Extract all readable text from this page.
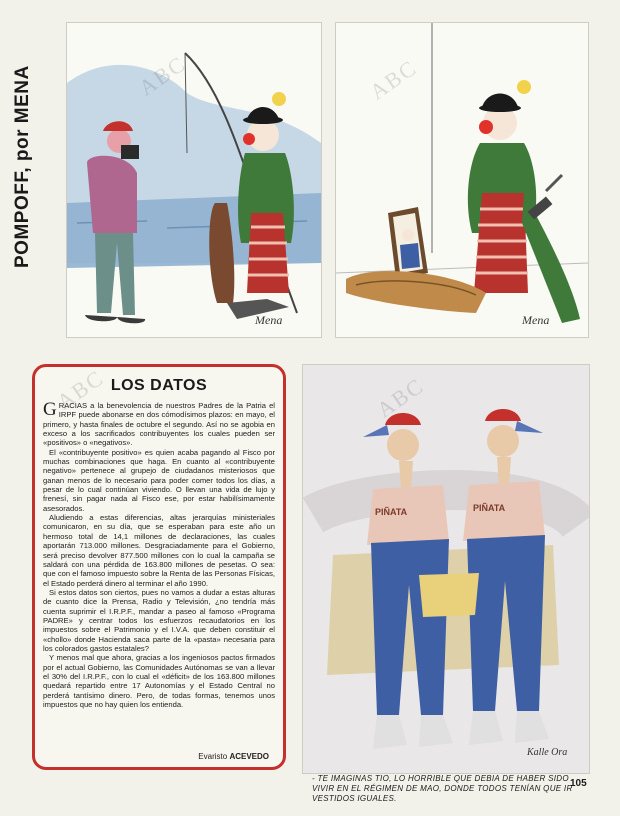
Mena	Mena
POMPOFF, por MENA
LOS DATOS

GRACIAS a la benevolencia de nuestros Padres de la Patria el IRPF puede abonarse en dos cómodísimos plazos: en mayo, el primero, y hasta finales de octubre el segundo. Así no se agobia en exceso a los sacrificados contribuyentes los cuales pueden ser «positivos» o «negativos».

El «contribuyente positivo» es quien acaba pagando al Fisco por muchas combinaciones que haga. En cuanto al «contribuyente negativo» pertenece al grupejo de ciudadanos misteriosos que ganan menos de lo necesario para poder comer todos los días, a pesar de lo cual continúan viviendo. O llevan una vida de lujo y frenesí, sin pagar nada al Fisco ese, por estar habilísimamente asesorados.

Aludiendo a estas diferencias, altas jerarquías ministeriales comunicaron, en su día, que se esperaban para este año un hermoso total de 14,1 millones de declaraciones, las cuales aportarán 713.000 millones. Desgraciadamente para el Gobierno, será preciso devolver 877.500 millones con lo cual la campaña se saldará con una pérdida de 163.800 millones de pesetas. O sea: que con el famoso impuesto sobre la Renta de las Personas Físicas, el Estado perderá dinero al terminar el año 1990.

Si estos datos son ciertos, pues no vamos a dudar a estas alturas de cuanto dice la Prensa, Radio y Televisión, ¿no tendría más cuenta suprimir el I.R.P.F., mandar a paseo al famoso «Programa PADRE» y centrar todos los esfuerzos recaudatorios en los impuestos sobre el Patrimonio y el I.V.A. que deben constituir el «chollo» donde Hacienda saca parte de la «pasta» necesaria para los colorados gastos estatales?

Y menos mal que ahora, gracias a los ingeniosos pactos firmados por el actual Gobierno, las Comunidades Autónomas se van a llevar el 30% del I.R.P.F., con lo cual el «déficit» de los 163.800 millones quedará repartido entre 17 Autonomías y el Estado Central no perderá tantísimo dinero. Pero, de todas formas, tenemos unos impuestos que no hay quien los entienda.

Evaristo ACEVEDO
ABC
PIÑATA	PIÑATA
Kalle Ora
- TE IMAGINAS TIO, LO HORRIBLE QUE DEBIA DE HABER SIDO VIVIR EN EL RÉGIMEN DE MAO, DONDE TODOS TENÍAN QUE IR VESTIDOS IGUALES.
105
